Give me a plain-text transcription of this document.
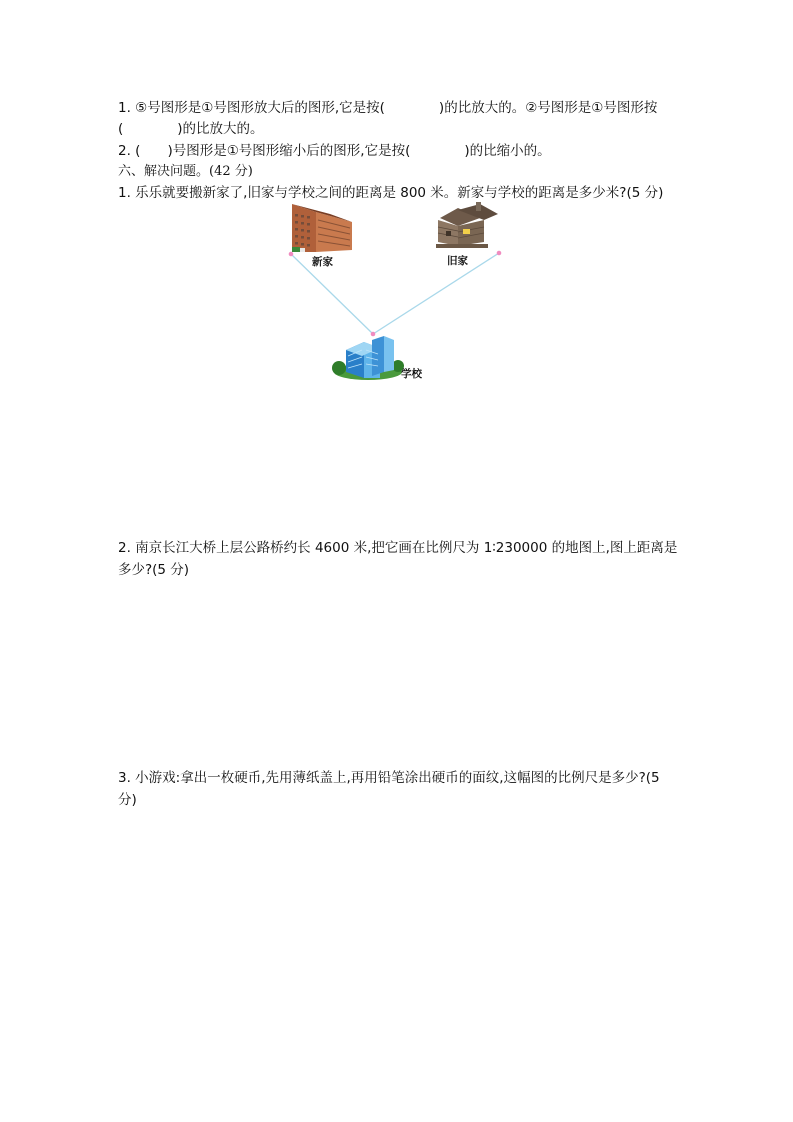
1. ⑤号图形是①号图形放大后的图形,它是按(　　　　)的比放大的。②号图形是①号图形按
(　　　　)的比放大的。
2. (　　)号图形是①号图形缩小后的图形,它是按(　　　　)的比缩小的。
六、解决问题。(42 分)
1. 乐乐就要搬新家了,旧家与学校之间的距离是 800 米。新家与学校的距离是多少米?(5 分)
新家	旧家
学校
2. 南京长江大桥上层公路桥约长 4600 米,把它画在比例尺为 1∶230000 的地图上,图上距离是
多少?(5 分)
3. 小游戏:拿出一枚硬币,先用薄纸盖上,再用铅笔涂出硬币的面纹,这幅图的比例尺是多少?(5
分)
